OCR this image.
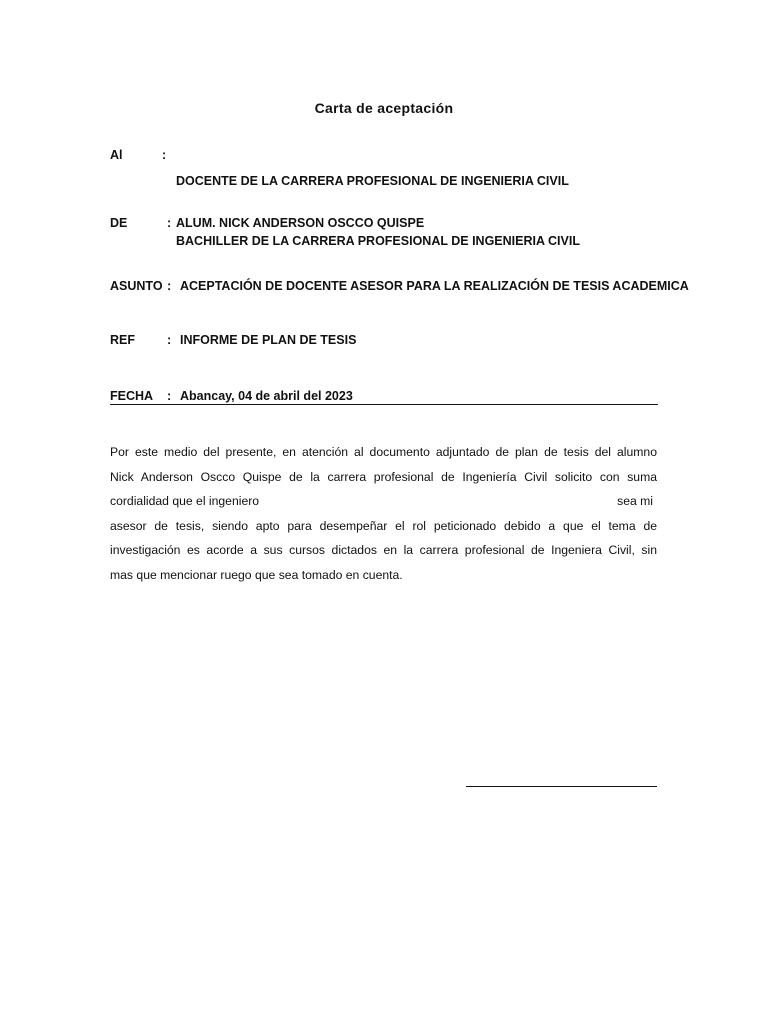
Carta de aceptación
Al	:
DOCENTE DE LA CARRERA PROFESIONAL DE INGENIERIA CIVIL
DE	: ALUM. NICK ANDERSON OSCCO QUISPE
BACHILLER DE LA CARRERA PROFESIONAL DE INGENIERIA CIVIL
ASUNTO : ACEPTACIÓN DE DOCENTE ASESOR PARA LA REALIZACIÓN DE TESIS ACADEMICA
REF	: INFORME DE PLAN DE TESIS
FECHA : Abancay, 04 de abril del 2023
Por este medio del presente, en atención al documento adjuntado de plan de tesis del alumno
Nick Anderson Oscco Quispe de la carrera profesional de Ingeniería Civil solicito con suma
cordialidad que el ingeniero	sea mi
asesor de tesis, siendo apto para desempeñar el rol peticionado debido a que el tema de
investigación es acorde a sus cursos dictados en la carrera profesional de Ingeniera Civil, sin
mas que mencionar ruego que sea tomado en cuenta.
